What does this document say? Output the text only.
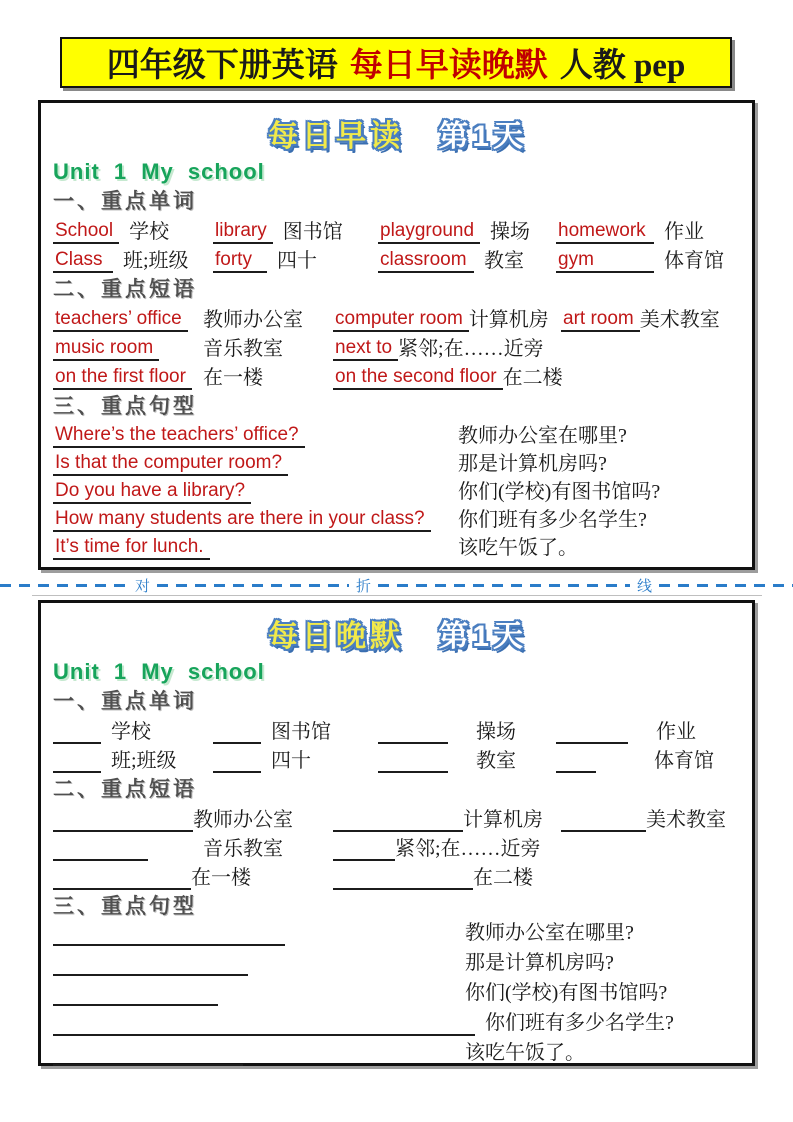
四年级下册英语 每日早读晚默 人教 pep
每日早读 第1天
Unit 1 My school
一、重点单词
School 学校 library 图书馆 playground 操场 homework 作业
Class	班;班级 forty	四十	classroom 教室 gym	体育馆
二、重点短语
teachers’ office	教师办公室 computer room 计算机房 art room 美术教室
music room	音乐教室	next to 紧邻;在……近旁
on the first floor 在一楼	on the second floor 在二楼
三、重点句型
Where’s the teachers’ office?	教师办公室在哪里?
Is that the computer room?	那是计算机房吗?
Do you have a library?	你们(学校)有图书馆吗?
How many students are there in your class?	你们班有多少名学生?
It’s time for lunch.	该吃午饭了。
对	折	线
每日晚默 第1天
Unit 1 My school
一、重点单词
学校	图书馆	操场	作业
班;班级	四十	教室	体育馆
二、重点短语
教师办公室	计算机房	美术教室
音乐教室	紧邻;在……近旁
在一楼	在二楼
三、重点句型
教师办公室在哪里?
那是计算机房吗?
你们(学校)有图书馆吗?
你们班有多少名学生?
该吃午饭了。
